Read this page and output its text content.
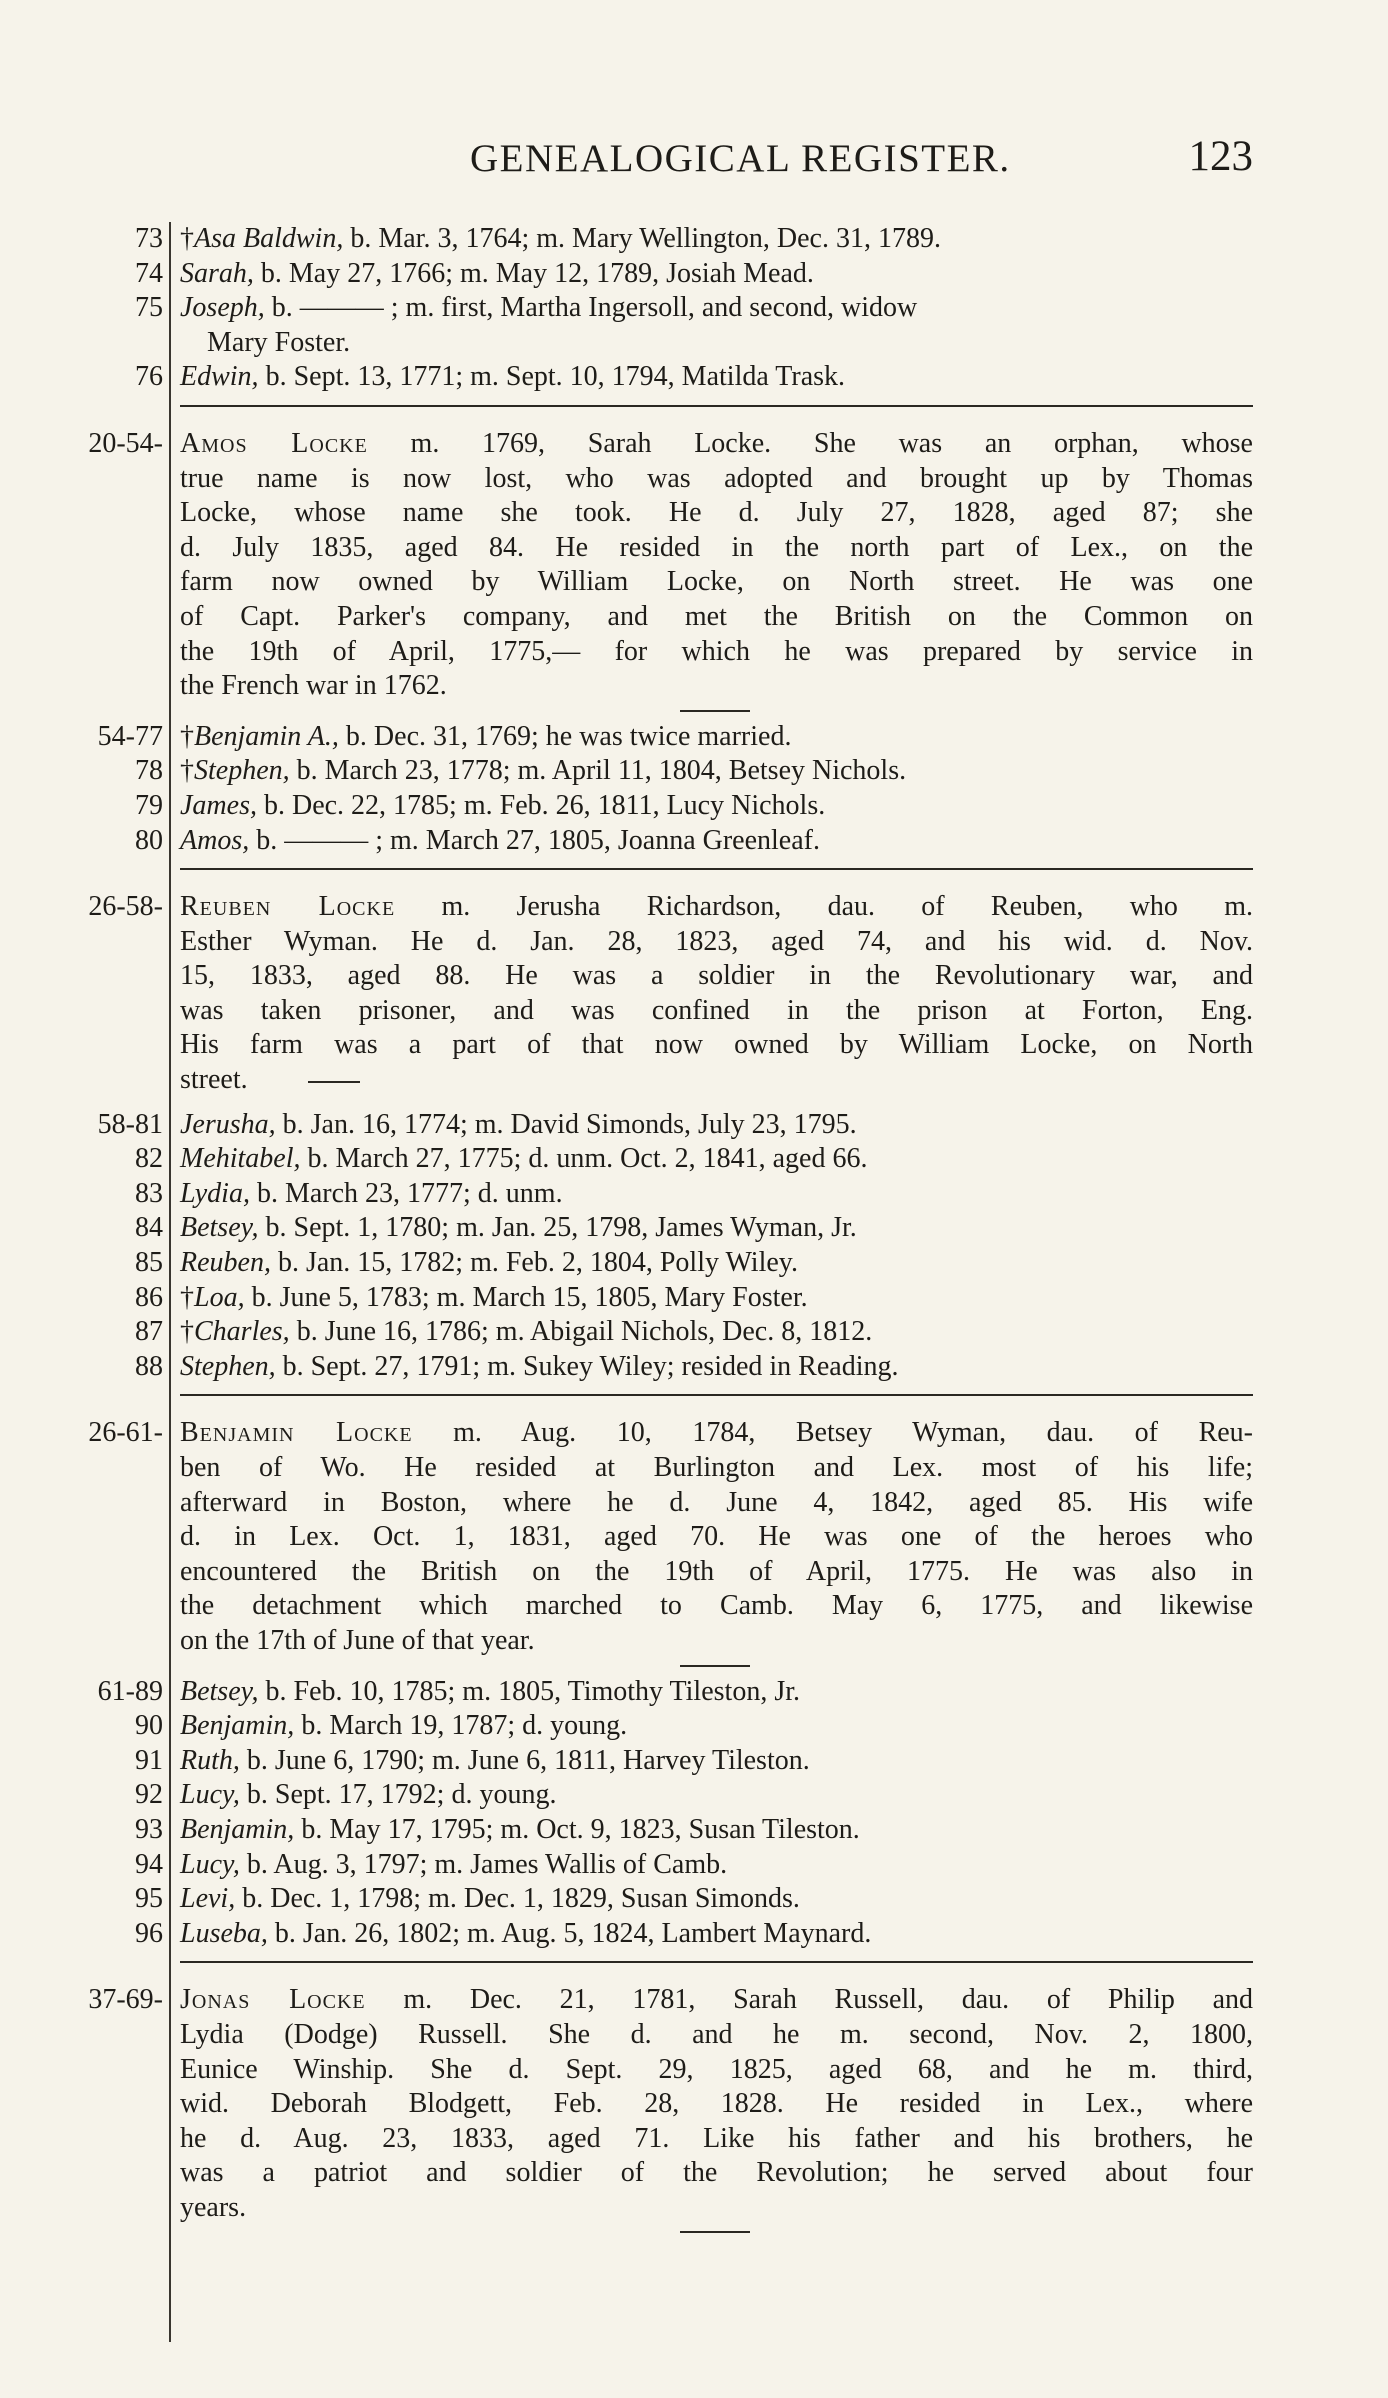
GENEALOGICAL REGISTER.	123
73 †Asa Baldwin, b. Mar. 3, 1764; m. Mary Wellington, Dec. 31, 1789.
74 Sarah, b. May 27, 1766; m. May 12, 1789, Josiah Mead.
75 Joseph, b. ——— ; m. first, Martha Ingersoll, and second, widow
Mary Foster.
76 Edwin, b. Sept. 13, 1771; m. Sept. 10, 1794, Matilda Trask.
20-54- Amos Locke m. 1769, Sarah Locke. She was an orphan, whose
true name is now lost, who was adopted and brought up by Thomas
Locke, whose name she took. He d. July 27, 1828, aged 87; she
d. July 1835, aged 84. He resided in the north part of Lex., on the
farm now owned by William Locke, on North street. He was one
of Capt. Parker's company, and met the British on the Common on
the 19th of April, 1775,— for which he was prepared by service in
the French war in 1762.
54-77 †Benjamin A., b. Dec. 31, 1769; he was twice married.
78 †Stephen, b. March 23, 1778; m. April 11, 1804, Betsey Nichols.
79 James, b. Dec. 22, 1785; m. Feb. 26, 1811, Lucy Nichols.
80 Amos, b. ——— ; m. March 27, 1805, Joanna Greenleaf.
26-58- Reuben Locke m. Jerusha Richardson, dau. of Reuben, who m.
Esther Wyman. He d. Jan. 28, 1823, aged 74, and his wid. d. Nov.
15, 1833, aged 88. He was a soldier in the Revolutionary war, and
was taken prisoner, and was confined in the prison at Forton, Eng.
His farm was a part of that now owned by William Locke, on North
street.
58-81 Jerusha, b. Jan. 16, 1774; m. David Simonds, July 23, 1795.
82 Mehitabel, b. March 27, 1775; d. unm. Oct. 2, 1841, aged 66.
83 Lydia, b. March 23, 1777; d. unm.
84 Betsey, b. Sept. 1, 1780; m. Jan. 25, 1798, James Wyman, Jr.
85 Reuben, b. Jan. 15, 1782; m. Feb. 2, 1804, Polly Wiley.
86 †Loa, b. June 5, 1783; m. March 15, 1805, Mary Foster.
87 †Charles, b. June 16, 1786; m. Abigail Nichols, Dec. 8, 1812.
88 Stephen, b. Sept. 27, 1791; m. Sukey Wiley; resided in Reading.
26-61- Benjamin Locke m. Aug. 10, 1784, Betsey Wyman, dau. of Reu-
ben of Wo. He resided at Burlington and Lex. most of his life;
afterward in Boston, where he d. June 4, 1842, aged 85. His wife
d. in Lex. Oct. 1, 1831, aged 70. He was one of the heroes who
encountered the British on the 19th of April, 1775. He was also in
the detachment which marched to Camb. May 6, 1775, and likewise
on the 17th of June of that year.
61-89 Betsey, b. Feb. 10, 1785; m. 1805, Timothy Tileston, Jr.
90 Benjamin, b. March 19, 1787; d. young.
91 Ruth, b. June 6, 1790; m. June 6, 1811, Harvey Tileston.
92 Lucy, b. Sept. 17, 1792; d. young.
93 Benjamin, b. May 17, 1795; m. Oct. 9, 1823, Susan Tileston.
94 Lucy, b. Aug. 3, 1797; m. James Wallis of Camb.
95 Levi, b. Dec. 1, 1798; m. Dec. 1, 1829, Susan Simonds.
96 Luseba, b. Jan. 26, 1802; m. Aug. 5, 1824, Lambert Maynard.
37-69- Jonas Locke m. Dec. 21, 1781, Sarah Russell, dau. of Philip and
Lydia (Dodge) Russell. She d. and he m. second, Nov. 2, 1800,
Eunice Winship. She d. Sept. 29, 1825, aged 68, and he m. third,
wid. Deborah Blodgett, Feb. 28, 1828. He resided in Lex., where
he d. Aug. 23, 1833, aged 71. Like his father and his brothers, he
was a patriot and soldier of the Revolution; he served about four
years.
